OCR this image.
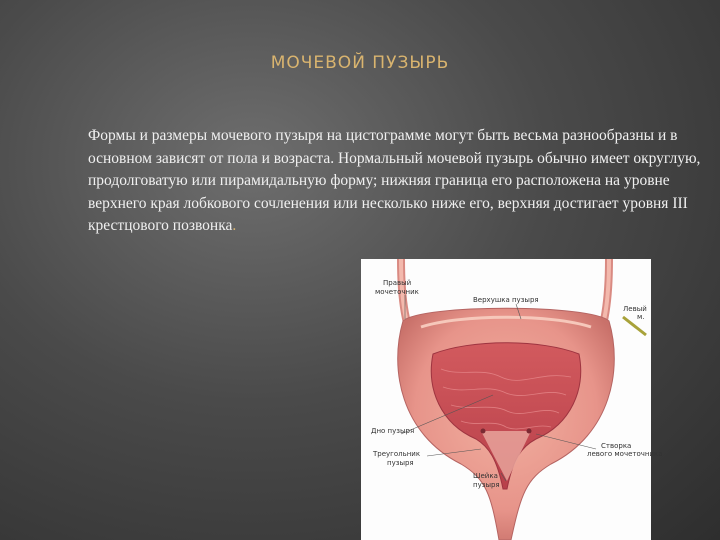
МОЧЕВОЙ ПУЗЫРЬ
Формы и размеры мочевого пузыря на цистограмме могут быть весьма разнообразны и в основном зависят от пола и возраста. Нормальный мочевой пузырь обычно имеет округлую, продолговатую или пирамидальную форму; нижняя граница его расположена на уровне верхнего края лобкового сочленения или несколько ниже его, верхняя достигает уровня III крестцового позвонка.
Правый
мочеточник
Верхушка пузыря
Левый
м.
Дно пузыря
Треугольник
пузыря
Створка
левого мочеточника
Шейка
пузыря
